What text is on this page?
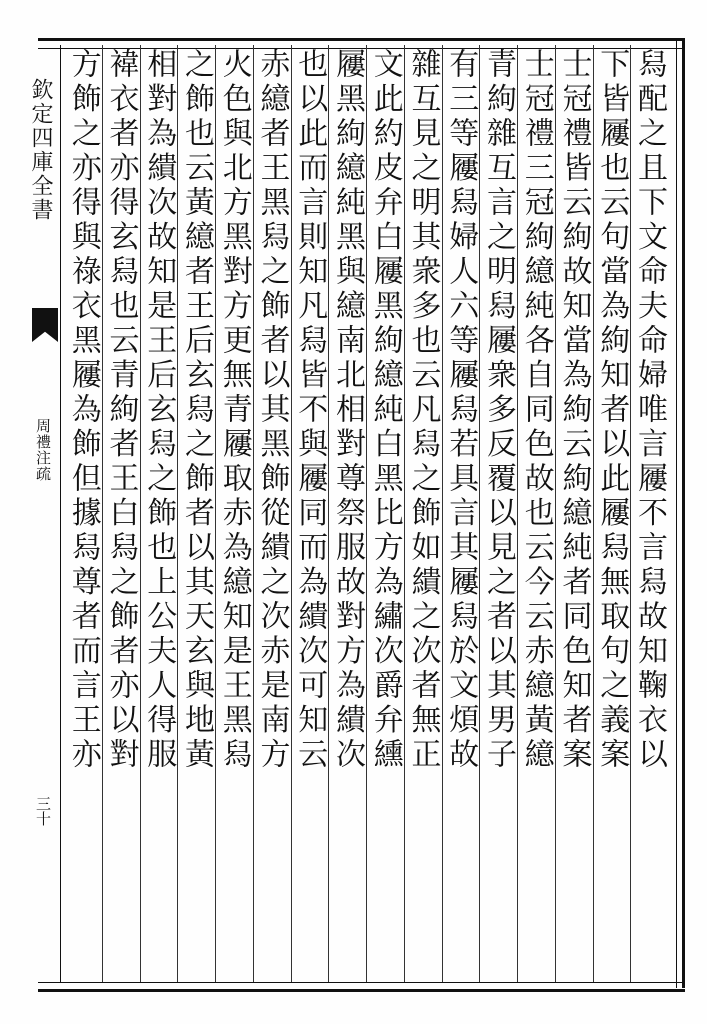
欽定四庫全書
周禮注疏
三十
舄配之且下文命夫命婦唯言屨不言舄故知鞠衣以
下皆屨也云句當為絇知者以此屨舄無取句之義案
士冠禮皆云絇故知當為絇云絇繶純者同色知者案
士冠禮三冠絇繶純各自同色故也云今云赤繶黃繶
青絇雜互言之明舄屨衆多反覆以見之者以其男子
有三等屨舄婦人六等屨舄若具言其屨舄於文煩故
雜互見之明其衆多也云凡舄之飾如繢之次者無正
文此約皮弁白屨黑絇繶純白黑比方為繡次爵弁纁
屨黑絇繶純黑與繶南北相對尊祭服故對方為繢次
也以此而言則知凡舄皆不與屨同而為繢次可知云
赤繶者王黑舄之飾者以其黑飾從繢之次赤是南方
火色與北方黑對方更無青屨取赤為繶知是王黑舄
之飾也云黃繶者王后玄舄之飾者以其天玄與地黃
相對為繢次故知是王后玄舄之飾也上公夫人得服
褘衣者亦得玄舄也云青絇者王白舄之飾者亦以對
方飾之亦得與祿衣黑屨為飾但據舄尊者而言王亦
